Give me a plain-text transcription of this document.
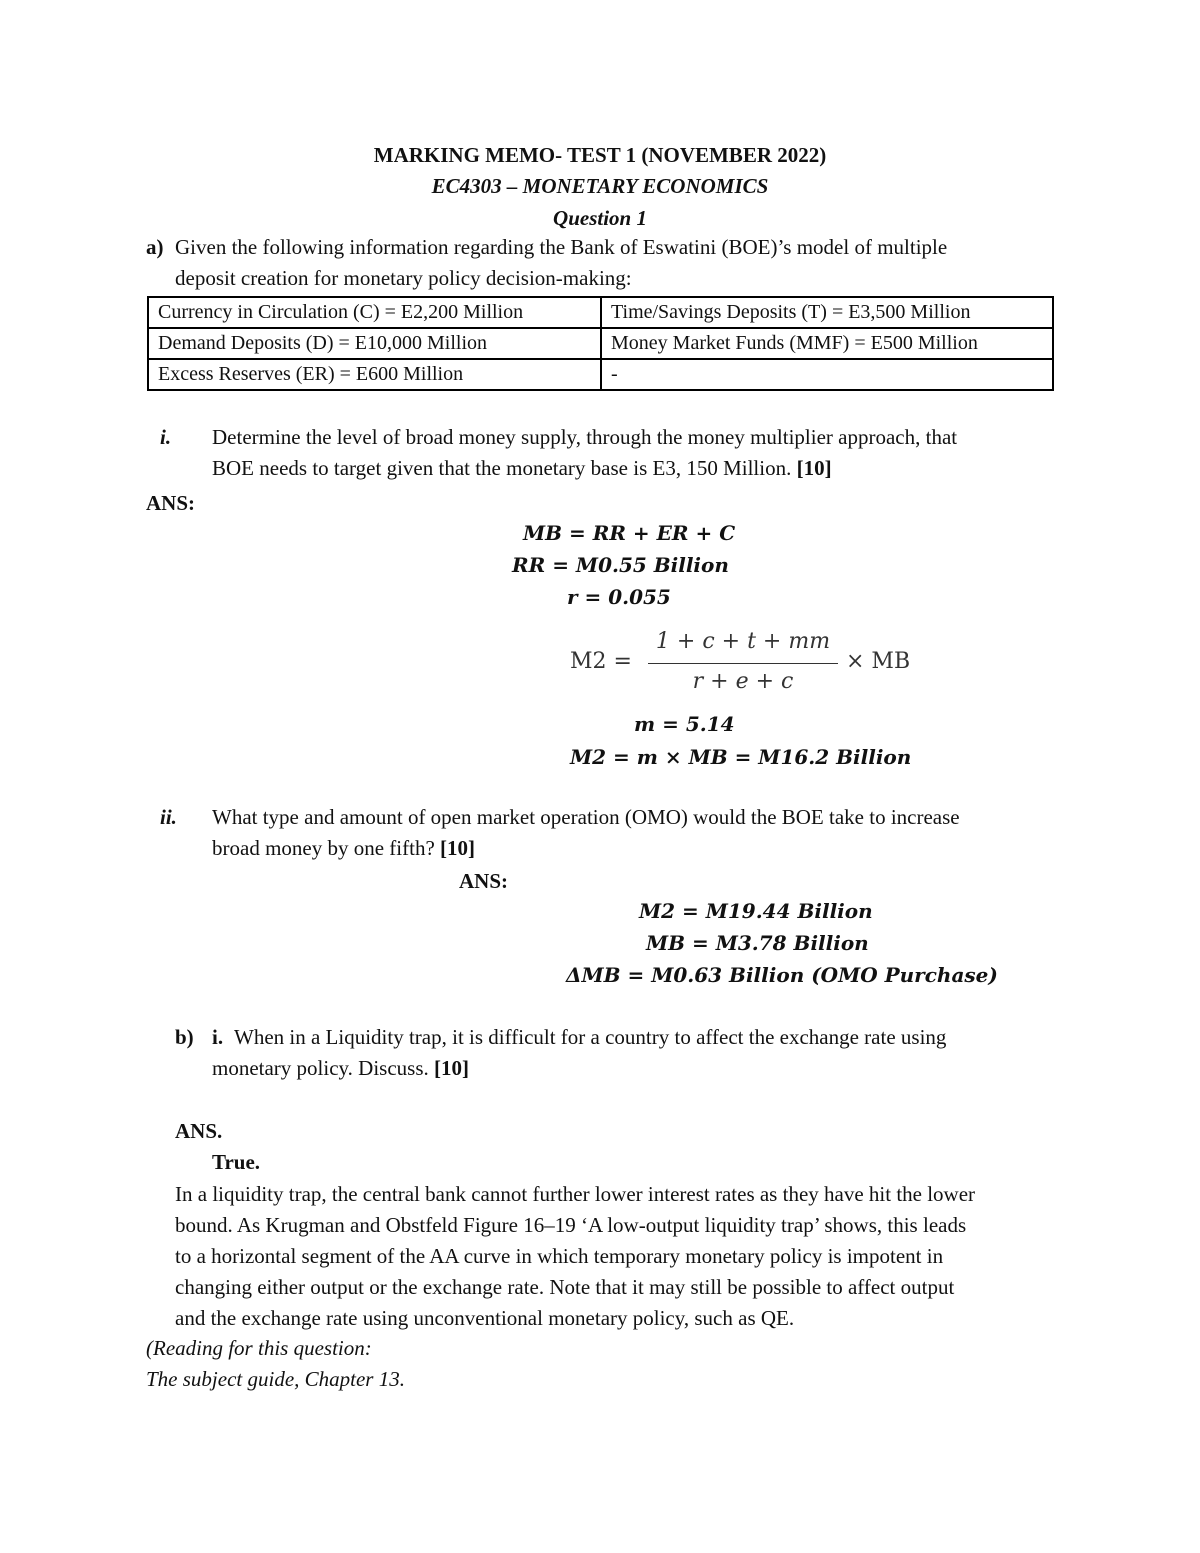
MARKING MEMO- TEST 1 (NOVEMBER 2022)
EC4303 – MONETARY ECONOMICS
Question 1
a) Given the following information regarding the Bank of Eswatini (BOE)’s model of multiple
deposit creation for monetary policy decision-making:
Currency in Circulation (C) = E2,200 Million	Time/Savings Deposits (T) = E3,500 Million
Demand Deposits (D) = E10,000 Million	Money Market Funds (MMF) = E500 Million
Excess Reserves (ER) = E600 Million	-
i. Determine the level of broad money supply, through the money multiplier approach, that
BOE needs to target given that the monetary base is E3, 150 Million. [10]
ANS:
MB = RR + ER + C
RR = M0.55 Billion
r = 0.055
M2 =
1 + c + t + mm
r + e + c
× MB
m = 5.14
M2 = m × MB = M16.2 Billion
ii. What type and amount of open market operation (OMO) would the BOE take to increase
broad money by one fifth? [10]
ANS:
M2 = M19.44 Billion
MB = M3.78 Billion
ΔMB = M0.63 Billion (OMO Purchase)
b) i. When in a Liquidity trap, it is difficult for a country to affect the exchange rate using
monetary policy. Discuss. [10]
ANS.
True.
In a liquidity trap, the central bank cannot further lower interest rates as they have hit the lower
bound. As Krugman and Obstfeld Figure 16–19 ‘A low-output liquidity trap’ shows, this leads
to a horizontal segment of the AA curve in which temporary monetary policy is impotent in
changing either output or the exchange rate. Note that it may still be possible to affect output
and the exchange rate using unconventional monetary policy, such as QE.
(Reading for this question:
The subject guide, Chapter 13.
